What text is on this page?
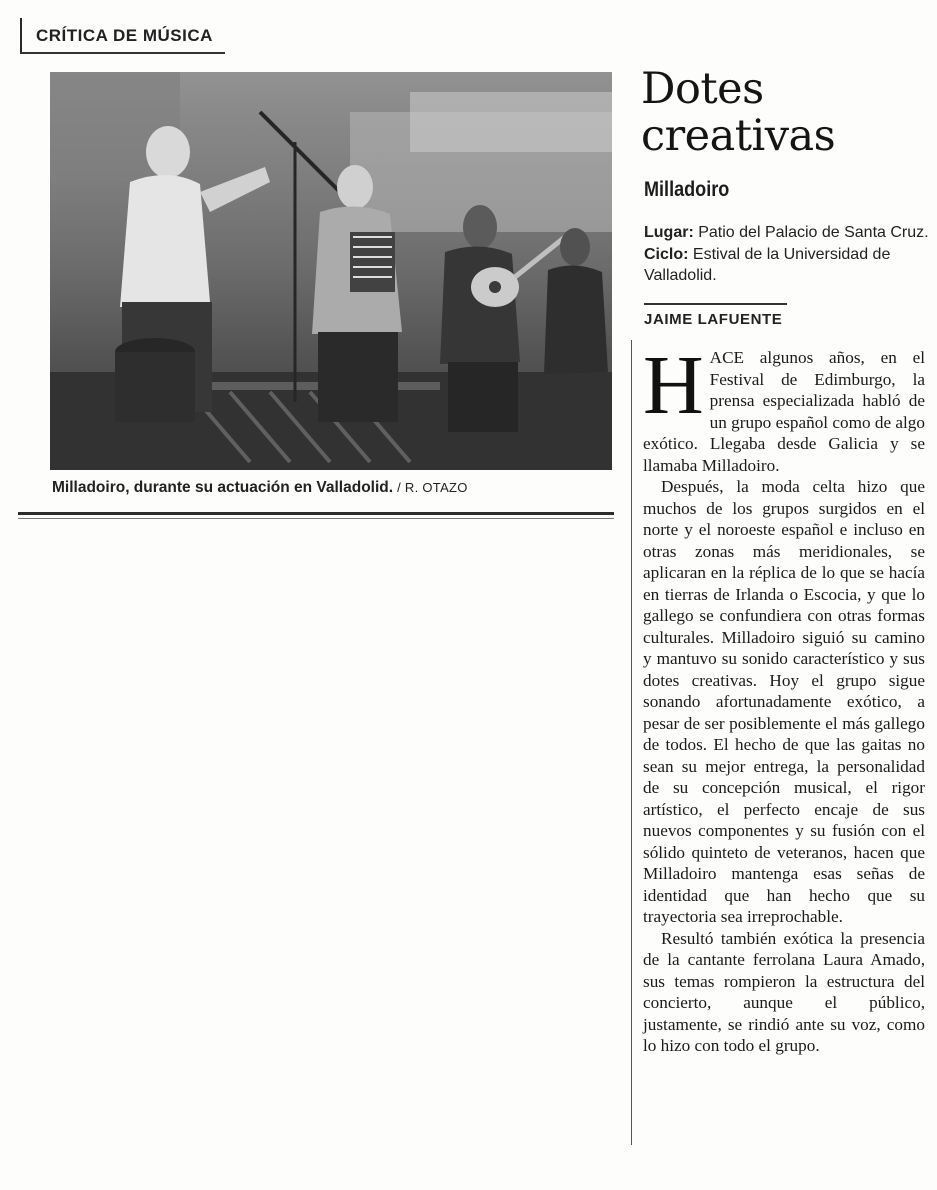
CRÍTICA DE MÚSICA
Milladoiro, durante su actuación en Valladolid. / R. OTAZO
Dotes creativas
Milladoiro
Lugar: Patio del Palacio de Santa Cruz. Ciclo: Estival de la Universidad de Valladolid.
JAIME LAFUENTE

HACE algunos años, en el Festival de Edimburgo, la prensa especializada habló de un grupo español como de algo exótico. Llegaba desde Galicia y se llamaba Milladoiro.

Después, la moda celta hizo que muchos de los grupos surgidos en el norte y el noroeste español e incluso en otras zonas más meridionales, se aplicaran en la réplica de lo que se hacía en tierras de Irlanda o Escocia, y que lo gallego se confundiera con otras formas culturales. Milladoiro siguió su camino y mantuvo su sonido característico y sus dotes creativas. Hoy el grupo sigue sonando afortunadamente exótico, a pesar de ser posiblemente el más gallego de todos. El hecho de que las gaitas no sean su mejor entrega, la personalidad de su concepción musical, el rigor artístico, el perfecto encaje de sus nuevos componentes y su fusión con el sólido quinteto de veteranos, hacen que Milladoiro mantenga esas señas de identidad que han hecho que su trayectoria sea irreprochable.

Resultó también exótica la presencia de la cantante ferrolana Laura Amado, sus temas rompieron la estructura del concierto, aunque el público, justamente, se rindió ante su voz, como lo hizo con todo el grupo.
